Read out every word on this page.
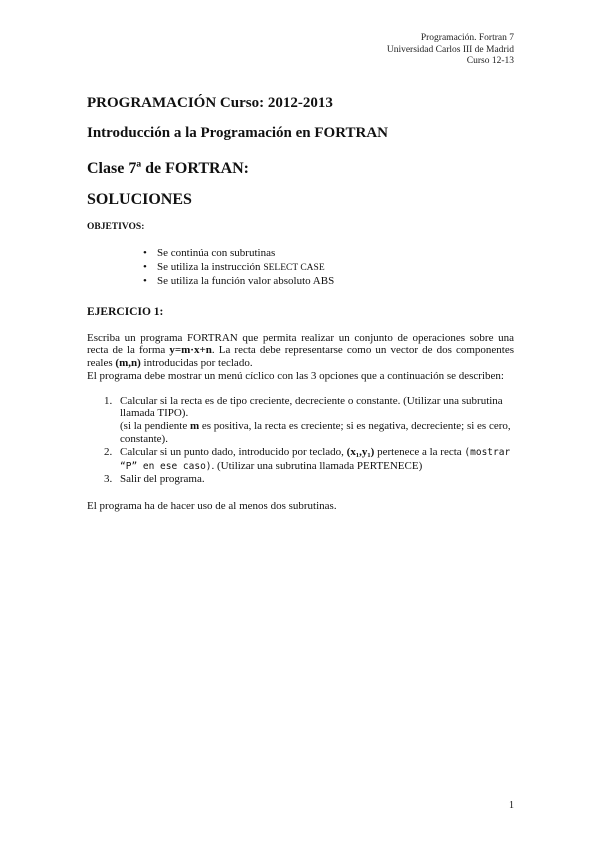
Programación. Fortran 7
Universidad Carlos III de Madrid
Curso 12-13
PROGRAMACIÓN Curso: 2012-2013
Introducción a la Programación en FORTRAN
Clase 7ª de FORTRAN:
SOLUCIONES
OBJETIVOS:
• Se continúa con subrutinas
• Se utiliza la instrucción SELECT CASE
• Se utiliza la función valor absoluto ABS
EJERCICIO 1:

Escriba un programa FORTRAN que permita realizar un conjunto de operaciones sobre una recta de la forma y=m·x+n. La recta debe representarse como un vector de dos componentes reales (m,n) introducidas por teclado.

El programa debe mostrar un menú cíclico con las 3 opciones que a continuación se describen:

1. Calcular si la recta es de tipo creciente, decreciente o constante. (Utilizar una subrutina llamada TIPO).
(si la pendiente m es positiva, la recta es creciente; si es negativa, decreciente; si es cero, constante).
2. Calcular si un punto dado, introducido por teclado, (x₁,y₁) pertenece a la recta (mostrar “P” en ese caso). (Utilizar una subrutina llamada PERTENECE)
3. Salir del programa.
El programa ha de hacer uso de al menos dos subrutinas.
1
